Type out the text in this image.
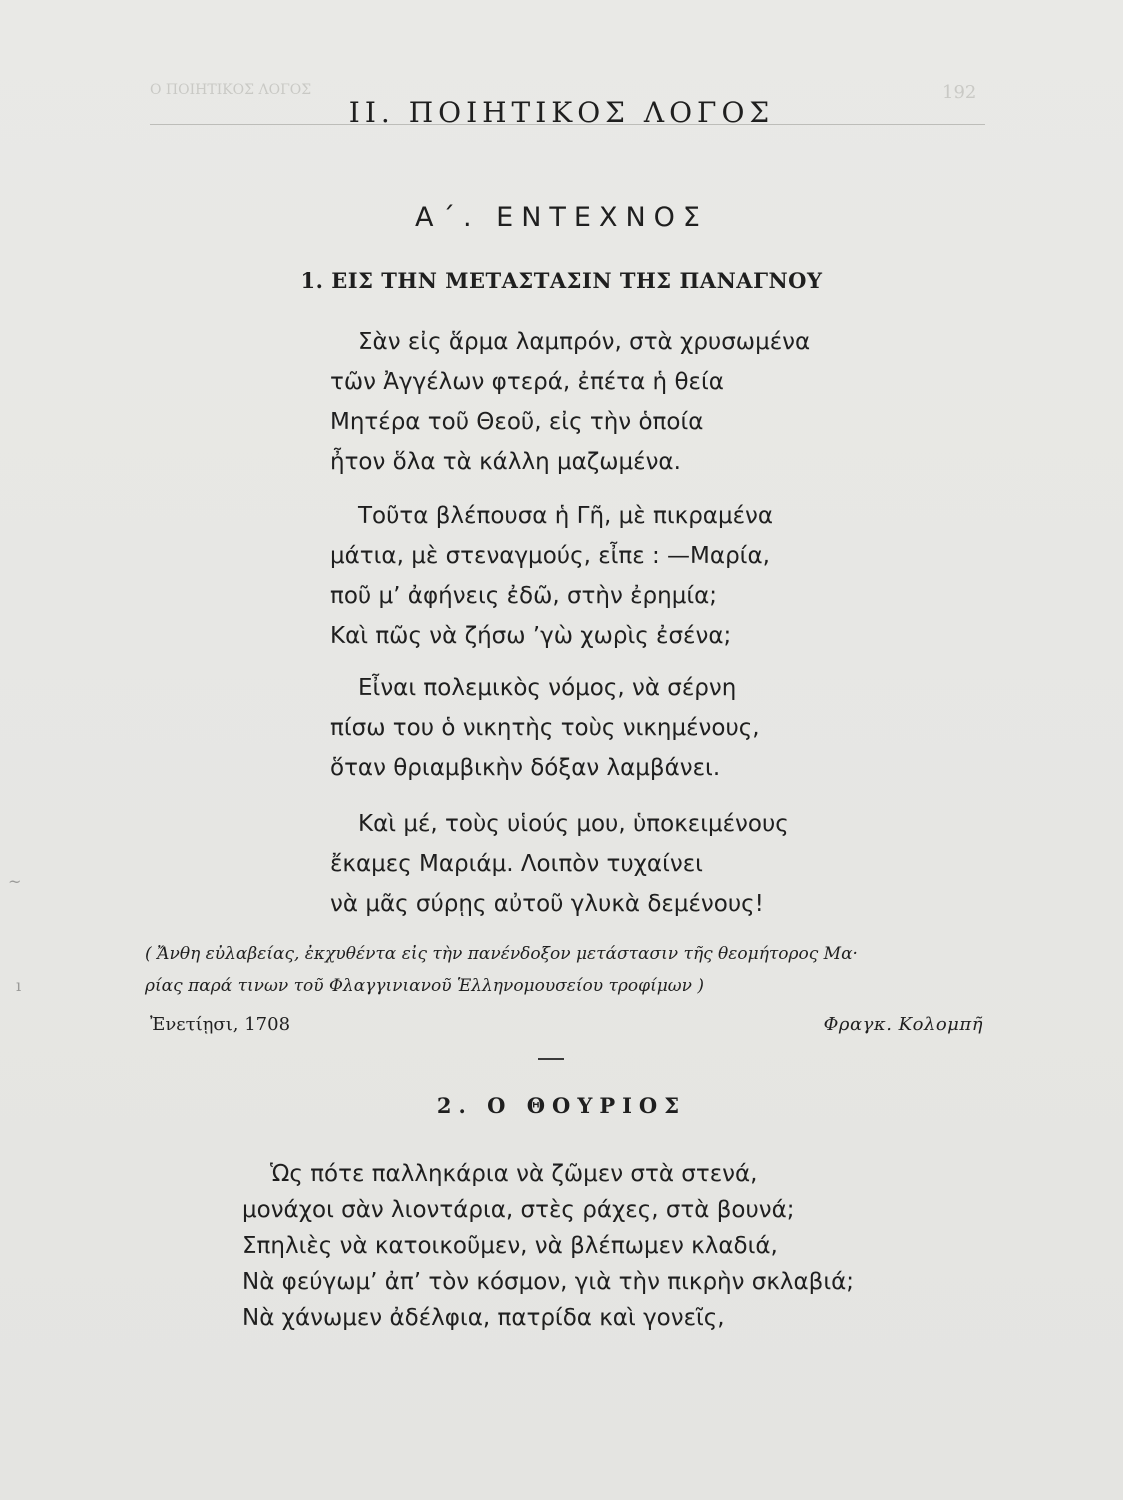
Ο ΠΟΙΗΤΙΚΟΣ ΛΟΓΟΣ	192
II. ΠΟΙΗΤΙΚΟΣ ΛΟΓΟΣ
Α΄. ΕΝΤΕΧΝΟΣ
1. ΕΙΣ ΤΗΝ ΜΕΤΑΣΤΑΣΙΝ ΤΗΣ ΠΑΝΑΓΝΟΥ
Σὰν εἰς ἅρμα λαμπρόν, στὰ χρυσωμένα
τῶν Ἀγγέλων φτερά, ἐπέτα ἡ θεία
Μητέρα τοῦ Θεοῦ, εἰς τὴν ὁποία
ἦτον ὅλα τὰ κάλλη μαζωμένα.
Τοῦτα βλέπουσα ἡ Γῆ, μὲ πικραμένα
μάτια, μὲ στεναγμούς, εἶπε : —Μαρία,
ποῦ μ’ ἀφήνεις ἐδῶ, στὴν ἐρημία;
Καὶ πῶς νὰ ζήσω ’γὼ χωρὶς ἐσένα;
Εἶναι πολεμικὸς νόμος, νὰ σέρνη
πίσω του ὁ νικητὴς τοὺς νικημένους,
ὅταν θριαμβικὴν δόξαν λαμβάνει.
Καὶ μέ, τοὺς υἱούς μου, ὑποκειμένους
ἔκαμες Μαριάμ. Λοιπὸν τυχαίνει
νὰ μᾶς σύρῃς αὐτοῦ γλυκὰ δεμένους!
( Ἄνθη εὐλαβείας, ἐκχυθέντα εἰς τὴν πανένδοξον μετάστασιν τῆς θεομήτορος Μα·
ρίας παρά τινων τοῦ Φλαγγινιανοῦ Ἑλληνομουσείου τροφίμων )
Ἐνετίῃσι, 1708	Φραγκ. Κολομπῆ
2. Ο ΘΟΥΡΙΟΣ
Ὡς πότε παλληκάρια νὰ ζῶμεν στὰ στενά,
μονάχοι σὰν λιοντάρια, στὲς ράχες, στὰ βουνά;
Σπηλιὲς νὰ κατοικοῦμεν, νὰ βλέπωμεν κλαδιά,
Νὰ φεύγωμ’ ἀπ’ τὸν κόσμον, γιὰ τὴν πικρὴν σκλαβιά;
Νὰ χάνωμεν ἀδέλφια, πατρίδα καὶ γονεῖς,
~
ı
